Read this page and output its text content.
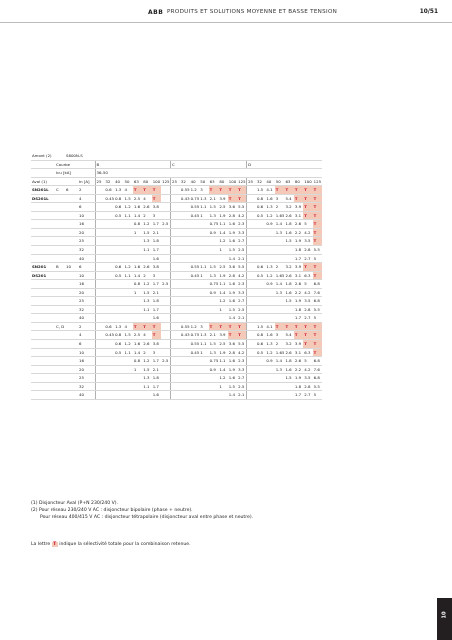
ABB PRODUITS ET SOLUTIONS MOYENNE ET BASSE TENSION	10/51
Amont (2)		S800N-S																									
	Courbe			B								C								D							
	Icu [kA]			36-50																							
Aval (1)			In [A]	25	32	40	50	63	80	100	125	25	32	40	50	63	80	100	125	25	32	40	50	63	80	100	125
SN201L	C	6	2		0.6	1.3	4	T	T	T			0.55	1.2	3	T	T	T	T		1.5	4.1	T	T	T	T	T
DS201L			4		0.45	0.8	1.5	2.5	4	T			0.43	0.75	1.3	2.1	3.9	T	T		0.8	1.6	3	5.4	T	T	T
			6			0.6	1.2	1.6	2.6	3.8				0.55	1.1	1.5	2.5	3.6	5.5		0.6	1.3	2	3.2	3.9	T	T
			10			0.5	1.1	1.4	2	3				0.45	1	1.3	1.9	2.8	4.2		0.5	1.2	1.65	2.6	3.1	T	T
			16					0.8	1.2	1.7	2.5					0.75	1.1	1.6	2.3			0.9	1.4	1.8	2.6	5	T
			20					1	1.5	2.1						0.9	1.4	1.9	3.3				1.3	1.6	2.2	4.2	T
			25						1.3	1.8							1.2	1.6	2.7					1.5	1.9	3.5	T
			32						1.1	1.7							1	1.5	2.5						1.8	2.8	5.5
			40							1.6								1.4	2.1						1.7	2.7	5
SN201	B	10	6			0.6	1.2	1.6	2.6	3.8				0.55	1.1	1.5	2.5	3.6	5.5		0.6	1.3	2	3.2	3.9	T	T
DS201			10			0.5	1.1	1.4	2	3				0.45	1	1.3	1.9	2.8	4.2		0.5	1.2	1.65	2.6	3.1	6.3	T
			16					0.8	1.2	1.7	2.5					0.75	1.1	1.6	2.3			0.9	1.4	1.8	2.6	5	6.8
			20					1	1.5	2.1						0.9	1.4	1.9	3.3				1.3	1.6	2.2	4.2	7.6
			25						1.3	1.8							1.2	1.6	2.7					1.5	1.9	3.5	6.8
			32						1.1	1.7							1	1.5	2.5						1.8	2.8	5.5
			40							1.6								1.4	2.1						1.7	2.7	5
	C, D		2		0.6	1.3	4	T	T	T			0.55	1.2	3	T	T	T	T		1.5	4.1	T	T	T	T	T
			4		0.45	0.8	1.5	2.5	4	T			0.43	0.75	1.3	2.1	3.9	T	T		0.8	1.6	3	5.4	T	T	T
			6			0.6	1.2	1.6	2.6	3.8				0.55	1.1	1.5	2.5	3.6	5.5		0.6	1.3	2	3.2	3.9	T	T
			10			0.5	1.1	1.4	2	3				0.45	1	1.3	1.9	2.8	4.2		0.5	1.2	1.65	2.6	3.1	6.3	T
			16					0.8	1.2	1.7	2.5					0.75	1.1	1.6	2.3			0.9	1.4	1.8	2.6	5	6.8
			20					1	1.5	2.1						0.9	1.4	1.9	3.3				1.3	1.6	2.2	4.2	7.6
			25						1.3	1.8							1.2	1.6	2.7					1.5	1.9	3.5	6.8
			32						1.1	1.7							1	1.5	2.5						1.8	2.8	5.5
			40							1.6								1.4	2.1						1.7	2.7	5
(1) Disjoncteur Aval (P+N 230/240 V).
(2) Pour réseau 230/240 V AC : disjoncteur bipolaire (phase + neutre).
Pour réseau 400/415 V AC : disjoncteur tétrapolaire (disjoncteur aval entre phase et neutre).
La lettre T indique la sélectivité totale pour la combinaison retenue.
10
